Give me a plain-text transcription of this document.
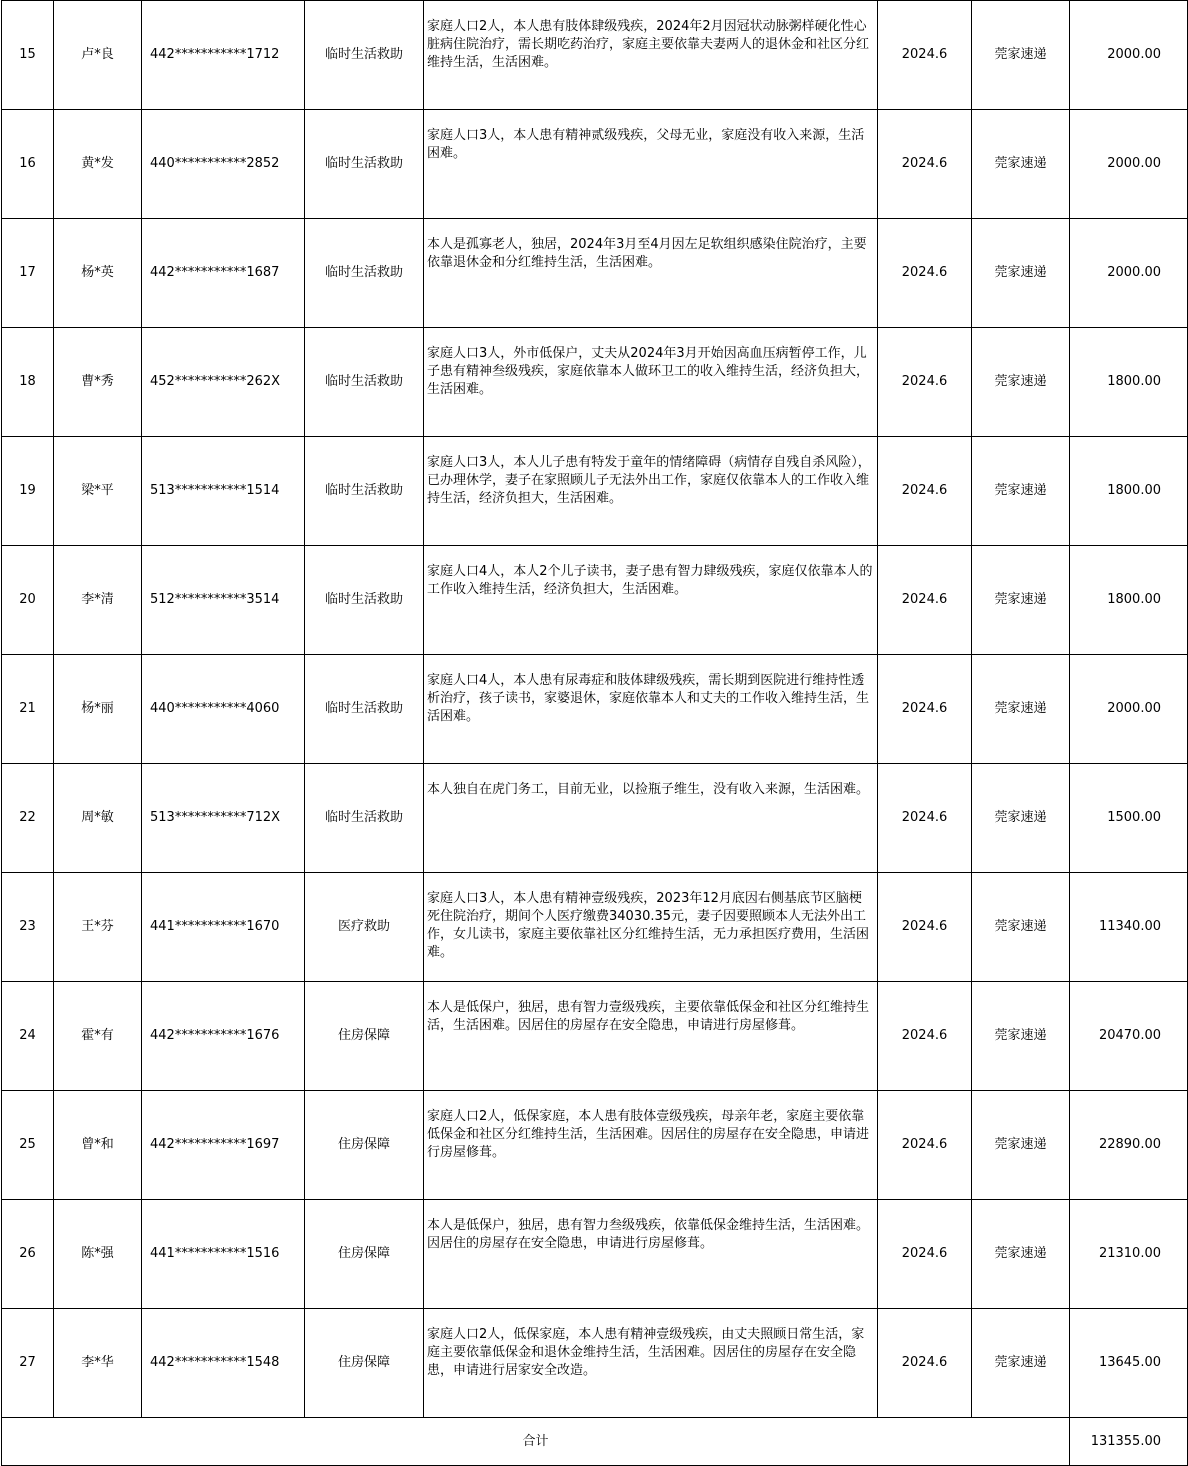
15	卢*良	442***********1712	临时生活救助	家庭人口2人，本人患有肢体肆级残疾，2024年2月因冠状动脉粥样硬化性心脏病住院治疗，需长期吃药治疗，家庭主要依靠夫妻两人的退休金和社区分红维持生活，生活困难。	2024.6	莞家速递	2000.00
16	黄*发	440***********2852	临时生活救助	家庭人口3人，本人患有精神贰级残疾，父母无业，家庭没有收入来源，生活困难。	2024.6	莞家速递	2000.00
17	杨*英	442***********1687	临时生活救助	本人是孤寡老人，独居，2024年3月至4月因左足软组织感染住院治疗，主要依靠退休金和分红维持生活，生活困难。	2024.6	莞家速递	2000.00
18	曹*秀	452***********262X	临时生活救助	家庭人口3人，外市低保户，丈夫从2024年3月开始因高血压病暂停工作，儿子患有精神叁级残疾，家庭依靠本人做环卫工的收入维持生活，经济负担大，生活困难。	2024.6	莞家速递	1800.00
19	梁*平	513***********1514	临时生活救助	家庭人口3人，本人儿子患有特发于童年的情绪障碍（病情存自残自杀风险），已办理休学，妻子在家照顾儿子无法外出工作，家庭仅依靠本人的工作收入维持生活，经济负担大，生活困难。	2024.6	莞家速递	1800.00
20	李*清	512***********3514	临时生活救助	家庭人口4人，本人2个儿子读书，妻子患有智力肆级残疾，家庭仅依靠本人的工作收入维持生活，经济负担大，生活困难。	2024.6	莞家速递	1800.00
21	杨*丽	440***********4060	临时生活救助	家庭人口4人，本人患有尿毒症和肢体肆级残疾，需长期到医院进行维持性透析治疗，孩子读书，家婆退休，家庭依靠本人和丈夫的工作收入维持生活，生活困难。	2024.6	莞家速递	2000.00
22	周*敏	513***********712X	临时生活救助	本人独自在虎门务工，目前无业，以捡瓶子维生，没有收入来源，生活困难。	2024.6	莞家速递	1500.00
23	王*芬	441***********1670	医疗救助	家庭人口3人，本人患有精神壹级残疾，2023年12月底因右侧基底节区脑梗死住院治疗，期间个人医疗缴费34030.35元，妻子因要照顾本人无法外出工作，女儿读书，家庭主要依靠社区分红维持生活，无力承担医疗费用，生活困难。	2024.6	莞家速递	11340.00
24	霍*有	442***********1676	住房保障	本人是低保户，独居，患有智力壹级残疾，主要依靠低保金和社区分红维持生活，生活困难。因居住的房屋存在安全隐患，申请进行房屋修葺。	2024.6	莞家速递	20470.00
25	曾*和	442***********1697	住房保障	家庭人口2人，低保家庭，本人患有肢体壹级残疾，母亲年老，家庭主要依靠低保金和社区分红维持生活，生活困难。因居住的房屋存在安全隐患，申请进行房屋修葺。	2024.6	莞家速递	22890.00
26	陈*强	441***********1516	住房保障	本人是低保户，独居，患有智力叁级残疾，依靠低保金维持生活，生活困难。因居住的房屋存在安全隐患，申请进行房屋修葺。	2024.6	莞家速递	21310.00
27	李*华	442***********1548	住房保障	家庭人口2人，低保家庭，本人患有精神壹级残疾，由丈夫照顾日常生活，家庭主要依靠低保金和退休金维持生活，生活困难。因居住的房屋存在安全隐患，申请进行居家安全改造。	2024.6	莞家速递	13645.00
合计							131355.00
